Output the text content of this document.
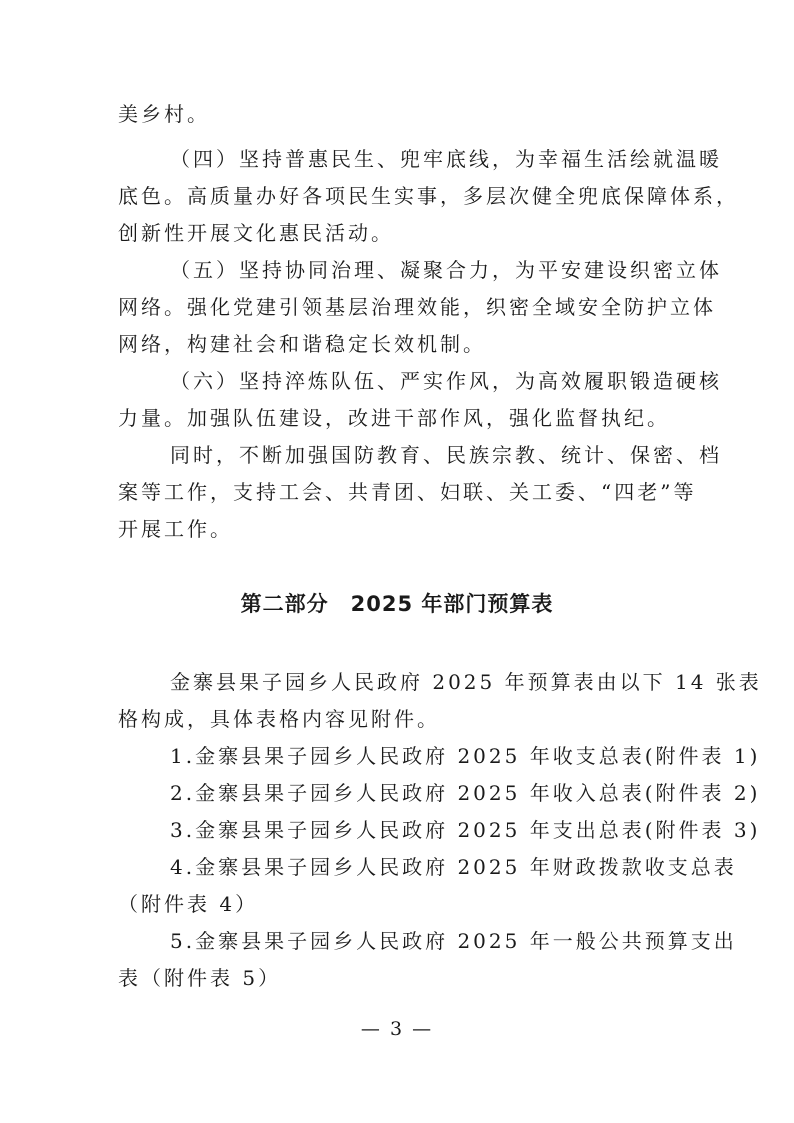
美乡村。
（四）坚持普惠民生、兜牢底线，为幸福生活绘就温暖
底色。高质量办好各项民生实事，多层次健全兜底保障体系，
创新性开展文化惠民活动。
（五）坚持协同治理、凝聚合力，为平安建设织密立体
网络。强化党建引领基层治理效能，织密全域安全防护立体
网络，构建社会和谐稳定长效机制。
（六）坚持淬炼队伍、严实作风，为高效履职锻造硬核
力量。加强队伍建设，改进干部作风，强化监督执纪。
同时，不断加强国防教育、民族宗教、统计、保密、档
案等工作，支持工会、共青团、妇联、关工委、“四老”等
开展工作。
第二部分　2025 年部门预算表
金寨县果子园乡人民政府 2025 年预算表由以下 14 张表
格构成，具体表格内容见附件。
1.金寨县果子园乡人民政府 2025 年收支总表(附件表 1)
2.金寨县果子园乡人民政府 2025 年收入总表(附件表 2)
3.金寨县果子园乡人民政府 2025 年支出总表(附件表 3)
4.金寨县果子园乡人民政府 2025 年财政拨款收支总表
（附件表 4）
5.金寨县果子园乡人民政府 2025 年一般公共预算支出
表（附件表 5）
— 3 —
